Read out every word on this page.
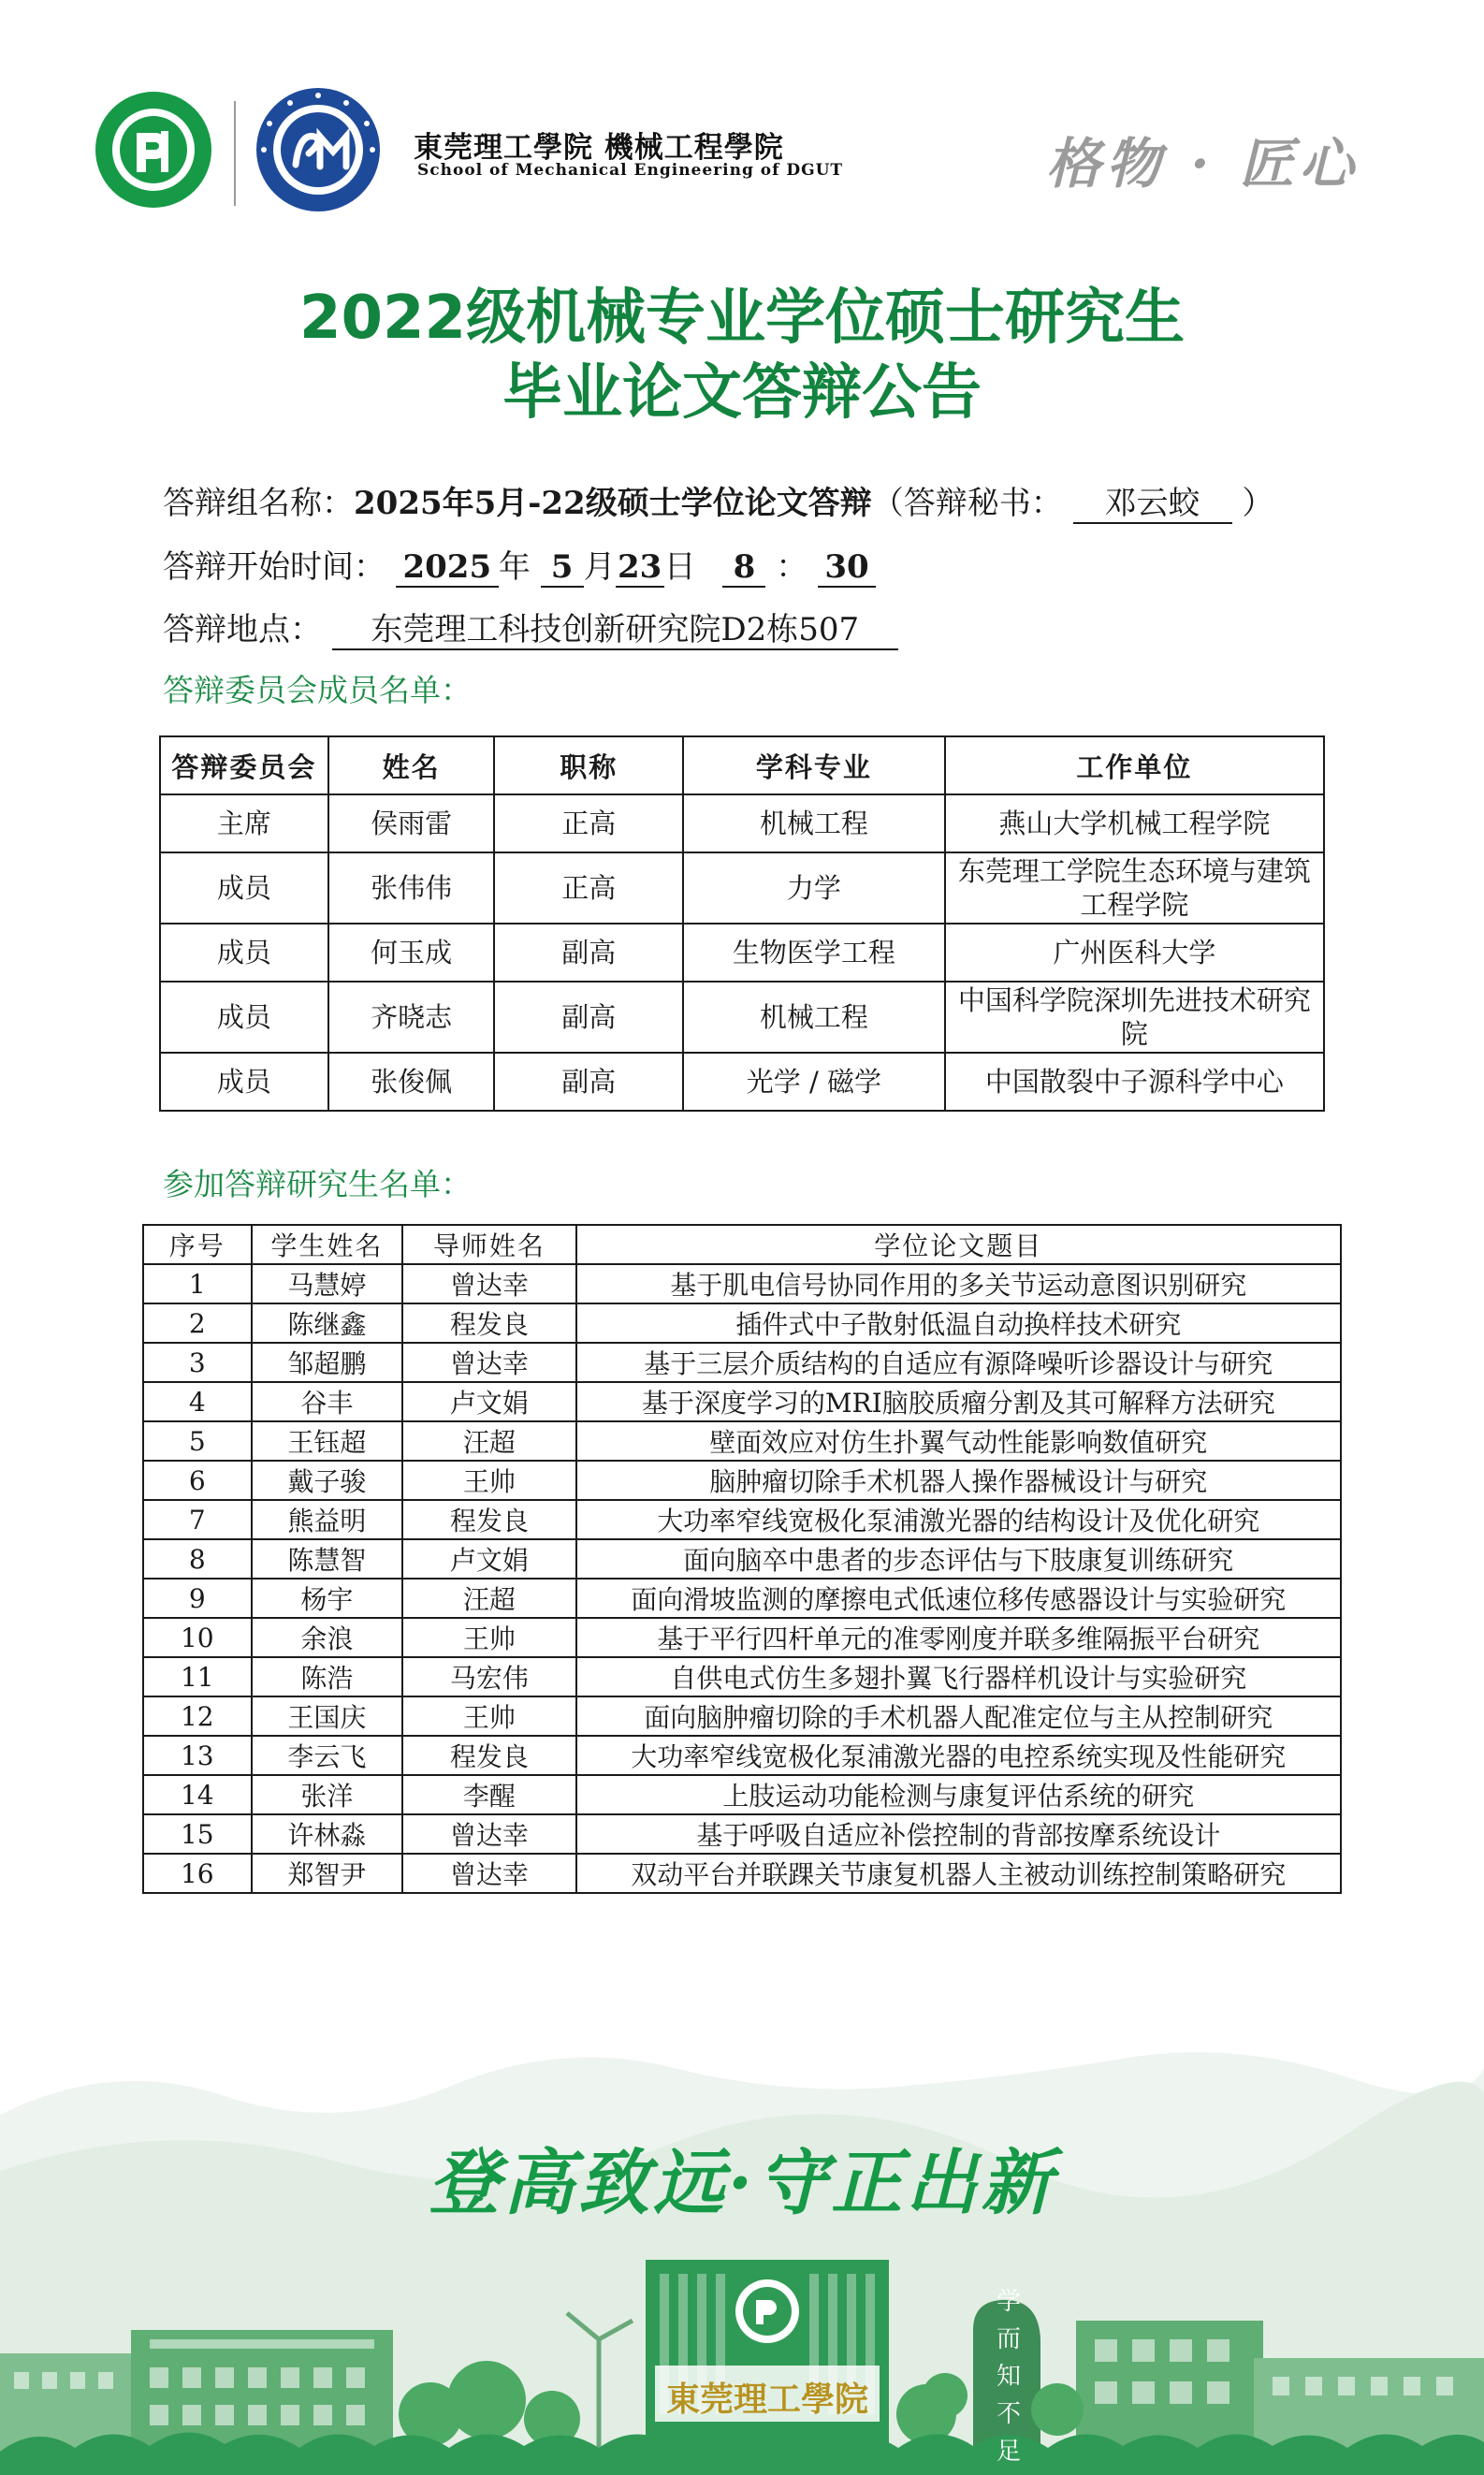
東莞理工學院 機械工程學院
School of Mechanical Engineering of DGUT	格物 · 匠心
2022级机械专业学位硕士研究生
毕业论文答辩公告
答辩组名称：2025年5月-22级硕士学位论文答辩（答辩秘书： 邓云蛟 ）
答辩开始时间： 2025 年 5 月23日 8 ： 30
答辩地点： 东莞理工科技创新研究院D2栋507
答辩委员会成员名单：
答辩委员会	姓名	职称	学科专业	工作单位
主席	侯雨雷	正高	机械工程	燕山大学机械工程学院
成员	张伟伟	正高	力学	东莞理工学院生态环境与建筑工程学院
成员	何玉成	副高	生物医学工程	广州医科大学
成员	齐晓志	副高	机械工程	中国科学院深圳先进技术研究院
成员	张俊佩	副高	光学 / 磁学	中国散裂中子源科学中心
参加答辩研究生名单：
序号	学生姓名	导师姓名	学位论文题目
1	马慧婷	曾达幸	基于肌电信号协同作用的多关节运动意图识别研究
2	陈继鑫	程发良	插件式中子散射低温自动换样技术研究
3	邹超鹏	曾达幸	基于三层介质结构的自适应有源降噪听诊器设计与研究
4	谷丰	卢文娟	基于深度学习的MRI脑胶质瘤分割及其可解释方法研究
5	王钰超	汪超	壁面效应对仿生扑翼气动性能影响数值研究
6	戴子骏	王帅	脑肿瘤切除手术机器人操作器械设计与研究
7	熊益明	程发良	大功率窄线宽极化泵浦激光器的结构设计及优化研究
8	陈慧智	卢文娟	面向脑卒中患者的步态评估与下肢康复训练研究
9	杨宇	汪超	面向滑坡监测的摩擦电式低速位移传感器设计与实验研究
10	余浪	王帅	基于平行四杆单元的准零刚度并联多维隔振平台研究
11	陈浩	马宏伟	自供电式仿生多翅扑翼飞行器样机设计与实验研究
12	王国庆	王帅	面向脑肿瘤切除的手术机器人配准定位与主从控制研究
13	李云飞	程发良	大功率窄线宽极化泵浦激光器的电控系统实现及性能研究
14	张洋	李醒	上肢运动功能检测与康复评估系统的研究
15	许林淼	曾达幸	基于呼吸自适应补偿控制的背部按摩系统设计
16	郑智尹	曾达幸	双动平台并联踝关节康复机器人主被动训练控制策略研究
登高致远·守正出新
東莞理工學院
学而知不足
